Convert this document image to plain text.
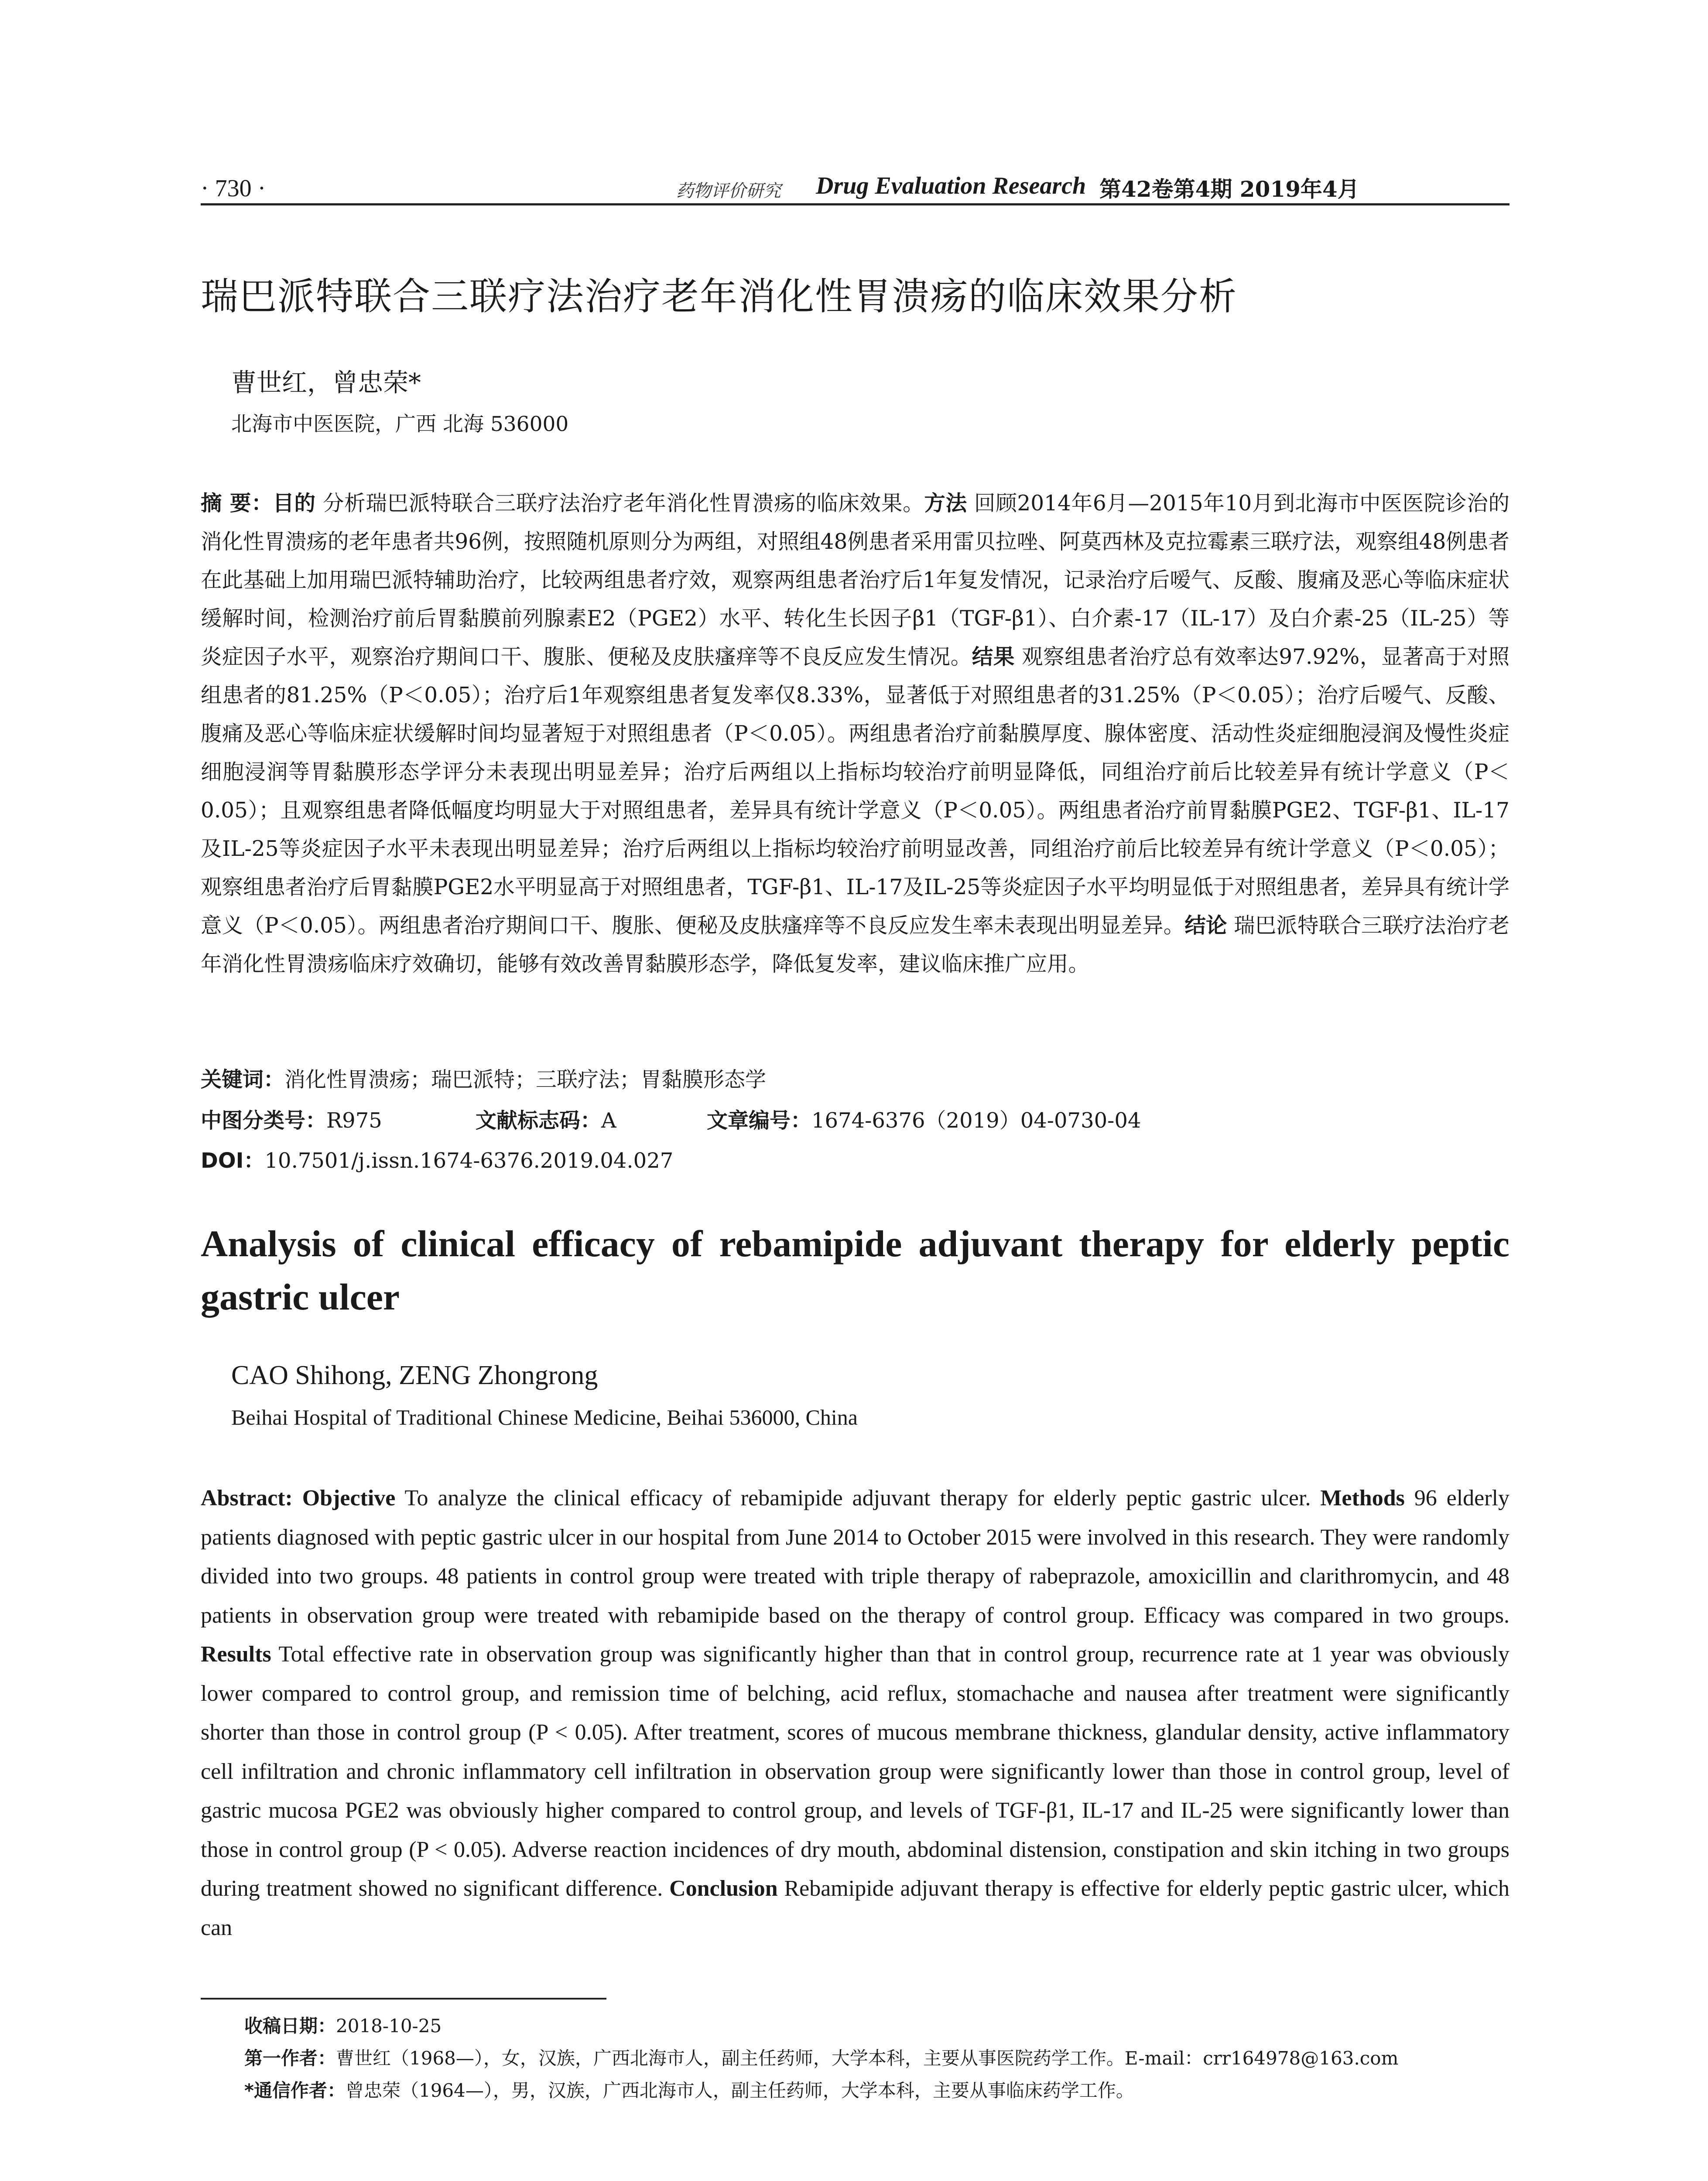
· 730 ·	药物评价研究 Drug Evaluation Research 第42卷第4期 2019年4月
瑞巴派特联合三联疗法治疗老年消化性胃溃疡的临床效果分析
曹世红，曾忠荣*
北海市中医医院，广西 北海 536000

摘 要：目的 分析瑞巴派特联合三联疗法治疗老年消化性胃溃疡的临床效果。方法 回顾2014年6月—2015年10月到北海市中医医院诊治的消化性胃溃疡的老年患者共96例，按照随机原则分为两组，对照组48例患者采用雷贝拉唑、阿莫西林及克拉霉素三联疗法，观察组48例患者在此基础上加用瑞巴派特辅助治疗，比较两组患者疗效，观察两组患者治疗后1年复发情况，记录治疗后嗳气、反酸、腹痛及恶心等临床症状缓解时间，检测治疗前后胃黏膜前列腺素E2（PGE2）水平、转化生长因子β1（TGF-β1）、白介素-17（IL-17）及白介素-25（IL-25）等炎症因子水平，观察治疗期间口干、腹胀、便秘及皮肤瘙痒等不良反应发生情况。结果 观察组患者治疗总有效率达97.92%，显著高于对照组患者的81.25%（P＜0.05）；治疗后1年观察组患者复发率仅8.33%，显著低于对照组患者的31.25%（P＜0.05）；治疗后嗳气、反酸、腹痛及恶心等临床症状缓解时间均显著短于对照组患者（P＜0.05）。两组患者治疗前黏膜厚度、腺体密度、活动性炎症细胞浸润及慢性炎症细胞浸润等胃黏膜形态学评分未表现出明显差异；治疗后两组以上指标均较治疗前明显降低，同组治疗前后比较差异有统计学意义（P＜0.05）；且观察组患者降低幅度均明显大于对照组患者，差异具有统计学意义（P＜0.05）。两组患者治疗前胃黏膜PGE2、TGF-β1、IL-17及IL-25等炎症因子水平未表现出明显差异；治疗后两组以上指标均较治疗前明显改善，同组治疗前后比较差异有统计学意义（P＜0.05）；观察组患者治疗后胃黏膜PGE2水平明显高于对照组患者，TGF-β1、IL-17及IL-25等炎症因子水平均明显低于对照组患者，差异具有统计学意义（P＜0.05）。两组患者治疗期间口干、腹胀、便秘及皮肤瘙痒等不良反应发生率未表现出明显差异。结论 瑞巴派特联合三联疗法治疗老年消化性胃溃疡临床疗效确切，能够有效改善胃黏膜形态学，降低复发率，建议临床推广应用。

关键词：消化性胃溃疡；瑞巴派特；三联疗法；胃黏膜形态学
中图分类号：R975	文献标志码：A	文章编号：1674-6376（2019）04-0730-04
DOI：10.7501/j.issn.1674-6376.2019.04.027
Analysis of clinical efficacy of rebamipide adjuvant therapy for elderly peptic gastric ulcer
CAO Shihong, ZENG Zhongrong
Beihai Hospital of Traditional Chinese Medicine, Beihai 536000, China
Abstract: Objective To analyze the clinical efficacy of rebamipide adjuvant therapy for elderly peptic gastric ulcer. Methods 96 elderly patients diagnosed with peptic gastric ulcer in our hospital from June 2014 to October 2015 were involved in this research. They were randomly divided into two groups. 48 patients in control group were treated with triple therapy of rabeprazole, amoxicillin and clarithromycin, and 48 patients in observation group were treated with rebamipide based on the therapy of control group. Efficacy was compared in two groups. Results Total effective rate in observation group was significantly higher than that in control group, recurrence rate at 1 year was obviously lower compared to control group, and remission time of belching, acid reflux, stomachache and nausea after treatment were significantly shorter than those in control group (P < 0.05). After treatment, scores of mucous membrane thickness, glandular density, active inflammatory cell infiltration and chronic inflammatory cell infiltration in observation group were significantly lower than those in control group, level of gastric mucosa PGE2 was obviously higher compared to control group, and levels of TGF-β1, IL-17 and IL-25 were significantly lower than those in control group (P < 0.05). Adverse reaction incidences of dry mouth, abdominal distension, constipation and skin itching in two groups during treatment showed no significant difference. Conclusion Rebamipide adjuvant therapy is effective for elderly peptic gastric ulcer, which can
收稿日期：2018-10-25
第一作者：曹世红（1968—），女，汉族，广西北海市人，副主任药师，大学本科，主要从事医院药学工作。E-mail：crr164978@163.com
*通信作者：曾忠荣（1964—），男，汉族，广西北海市人，副主任药师，大学本科，主要从事临床药学工作。
